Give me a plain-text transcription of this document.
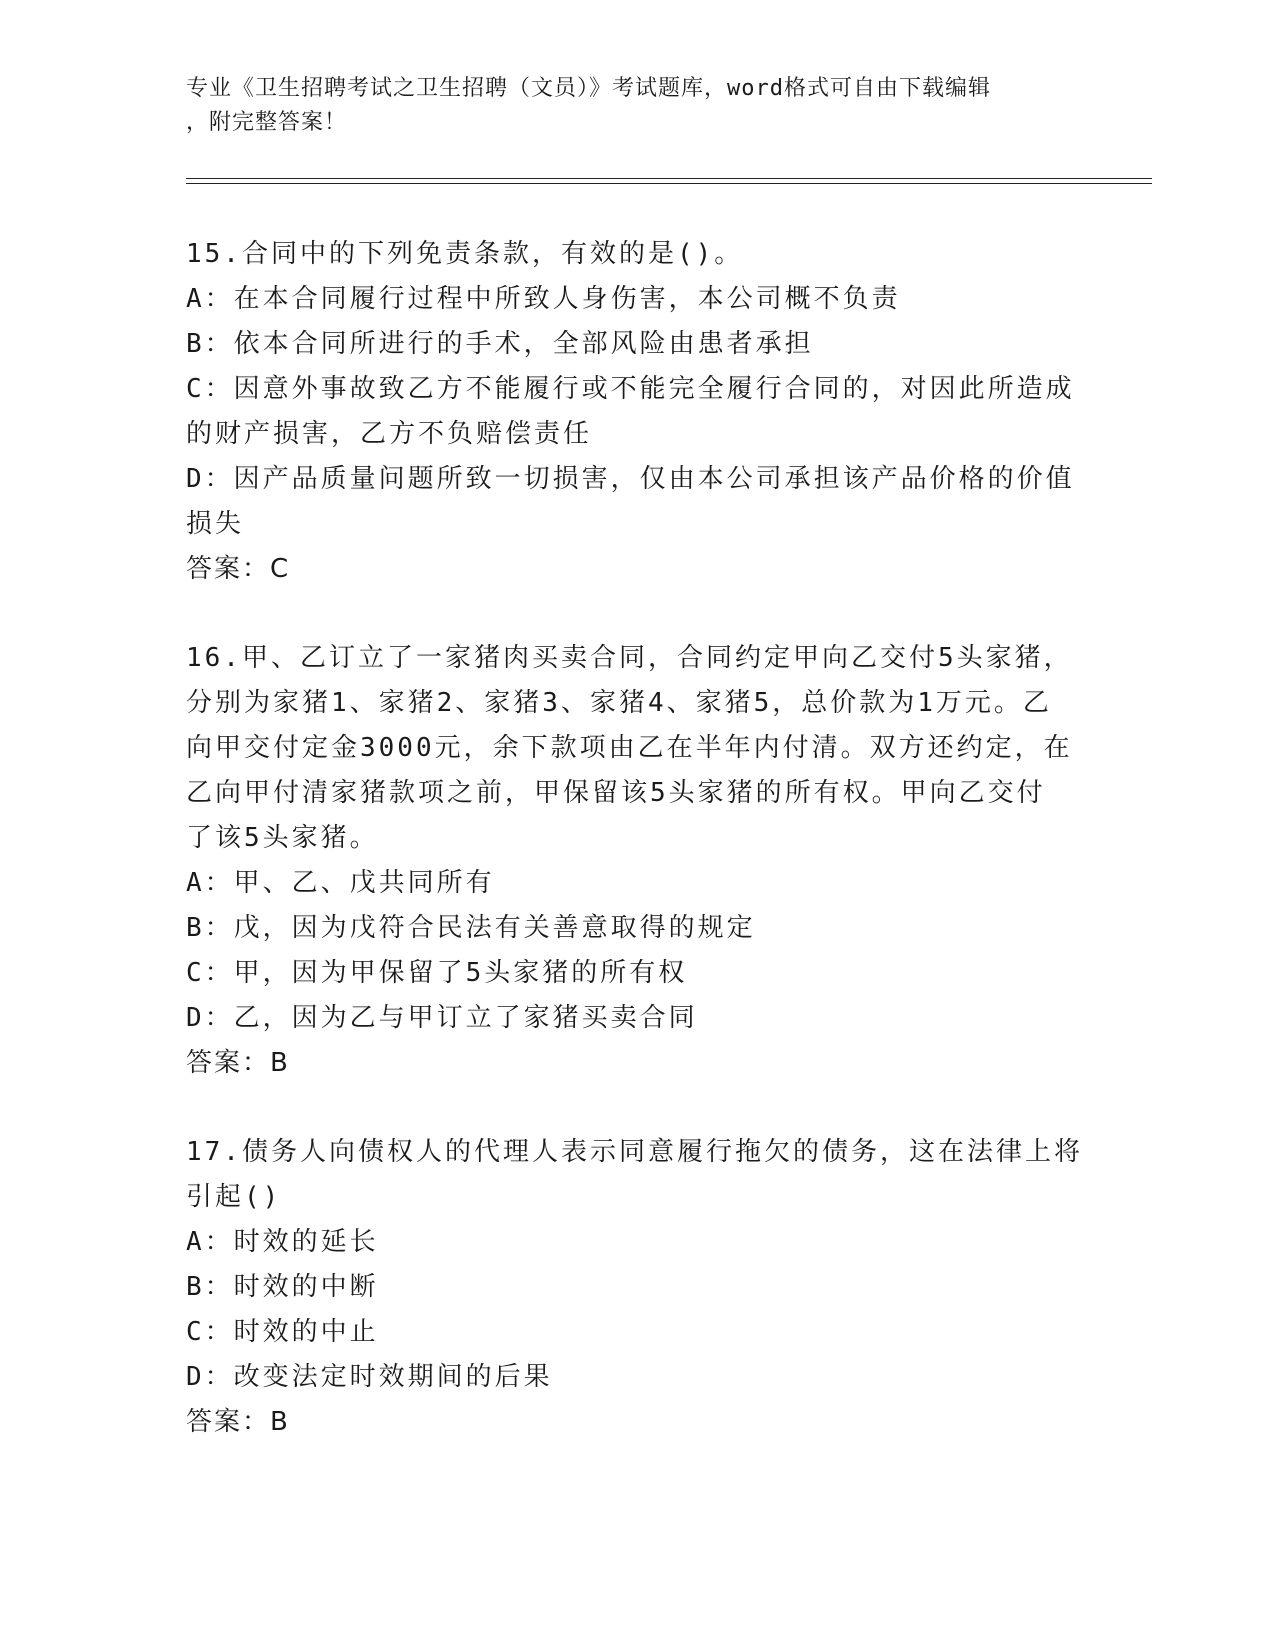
专业《卫生招聘考试之卫生招聘（文员）》考试题库，word格式可自由下载编辑
，附完整答案！
15.合同中的下列免责条款，有效的是()。
A：在本合同履行过程中所致人身伤害，本公司概不负责
B：依本合同所进行的手术，全部风险由患者承担
C：因意外事故致乙方不能履行或不能完全履行合同的，对因此所造成
的财产损害，乙方不负赔偿责任
D：因产品质量问题所致一切损害，仅由本公司承担该产品价格的价值
损失
答案：C
16.甲、乙订立了一家猪肉买卖合同，合同约定甲向乙交付5头家猪，
分别为家猪1、家猪2、家猪3、家猪4、家猪5，总价款为1万元。乙
向甲交付定金3000元，余下款项由乙在半年内付清。双方还约定，在
乙向甲付清家猪款项之前，甲保留该5头家猪的所有权。甲向乙交付
了该5头家猪。
A：甲、乙、戊共同所有
B：戊，因为戊符合民法有关善意取得的规定
C：甲，因为甲保留了5头家猪的所有权
D：乙，因为乙与甲订立了家猪买卖合同
答案：B
17.债务人向债权人的代理人表示同意履行拖欠的债务，这在法律上将
引起()
A：时效的延长
B：时效的中断
C：时效的中止
D：改变法定时效期间的后果
答案：B
